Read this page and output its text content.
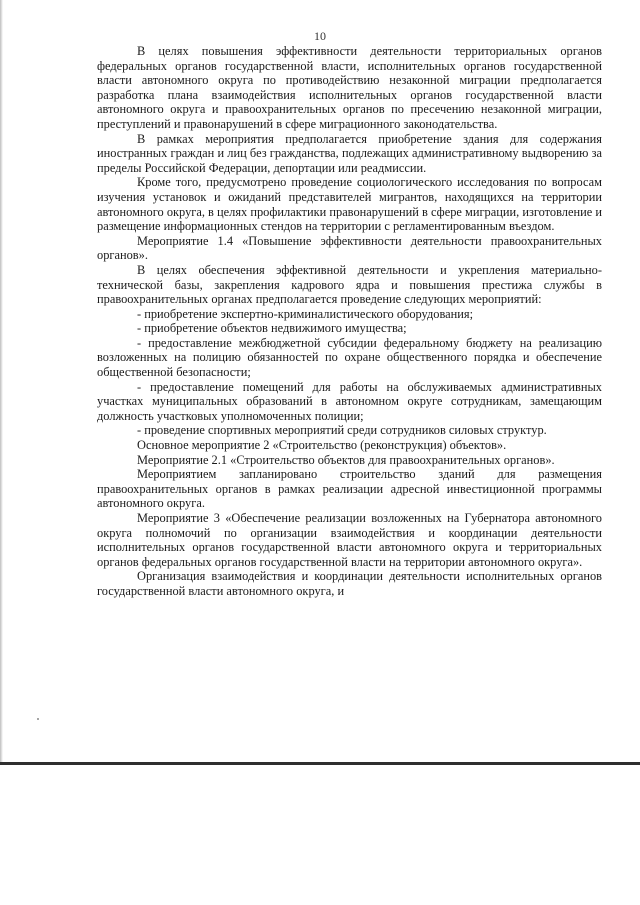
10

В целях повышения эффективности деятельности территориальных органов федеральных органов государственной власти, исполнительных органов государственной власти автономного округа по противодействию незаконной миграции предполагается разработка плана взаимодействия исполнительных органов государственной власти автономного округа и правоохранительных органов по пресечению незаконной миграции, преступлений и правонарушений в сфере миграционного законодательства.

В рамках мероприятия предполагается приобретение здания для содержания иностранных граждан и лиц без гражданства, подлежащих административному выдворению за пределы Российской Федерации, депортации или реадмиссии.

Кроме того, предусмотрено проведение социологического исследования по вопросам изучения установок и ожиданий представителей мигрантов, находящихся на территории автономного округа, в целях профилактики правонарушений в сфере миграции, изготовление и размещение информационных стендов на территории с регламентированным въездом.

Мероприятие 1.4 «Повышение эффективности деятельности правоохранительных органов».

В целях обеспечения эффективной деятельности и укрепления материально-технической базы, закрепления кадрового ядра и повышения престижа службы в правоохранительных органах предполагается проведение следующих мероприятий:

- приобретение экспертно-криминалистического оборудования;

- приобретение объектов недвижимого имущества;

- предоставление межбюджетной субсидии федеральному бюджету на реализацию возложенных на полицию обязанностей по охране общественного порядка и обеспечение общественной безопасности;

- предоставление помещений для работы на обслуживаемых административных участках муниципальных образований в автономном округе сотрудникам, замещающим должность участковых уполномоченных полиции;

- проведение спортивных мероприятий среди сотрудников силовых структур.

Основное мероприятие 2 «Строительство (реконструкция) объектов».

Мероприятие 2.1 «Строительство объектов для правоохранительных органов».

Мероприятием запланировано строительство зданий для размещения правоохранительных органов в рамках реализации адресной инвестиционной программы автономного округа.

Мероприятие 3 «Обеспечение реализации возложенных на Губернатора автономного округа полномочий по организации взаимодействия и координации деятельности исполнительных органов государственной власти автономного округа и территориальных органов федеральных органов государственной власти на территории автономного округа».

Организация взаимодействия и координации деятельности исполнительных органов государственной власти автономного округа, и
